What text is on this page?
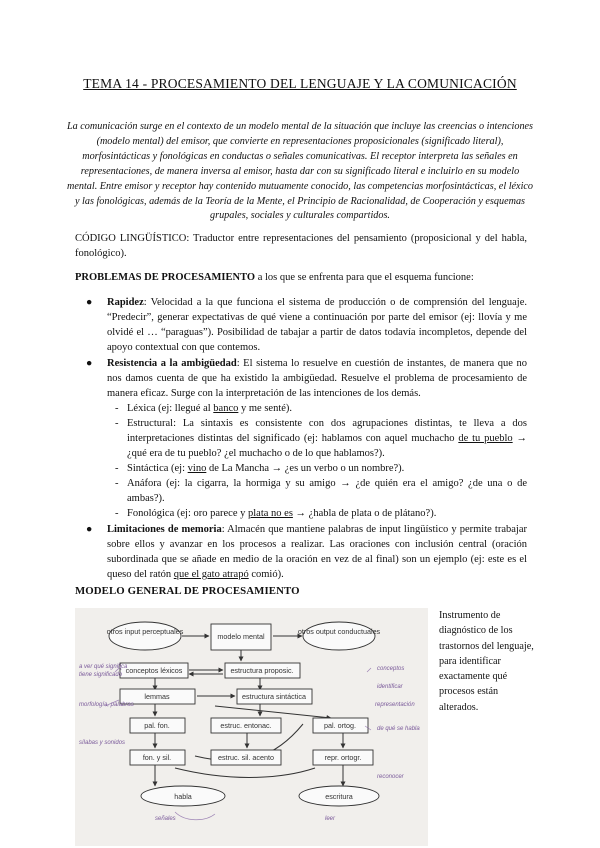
TEMA 14 - PROCESAMIENTO DEL LENGUAJE Y LA COMUNICACIÓN
La comunicación surge en el contexto de un modelo mental de la situación que incluye las creencias o intenciones (modelo mental) del emisor, que convierte en representaciones proposicionales (significado literal), morfosintácticas y fonológicas en conductas o señales comunicativas. El receptor interpreta las señales en representaciones, de manera inversa al emisor, hasta dar con su significado literal e incluirlo en su modelo mental. Entre emisor y receptor hay contenido mutuamente conocido, las competencias morfosintácticas, el léxico y las fonológicas, además de la Teoría de la Mente, el Principio de Racionalidad, de Cooperación y esquemas grupales, sociales y culturales compartidos.
CÓDIGO LINGÜÍSTICO: Traductor entre representaciones del pensamiento (proposicional y del habla, fonológico).
PROBLEMAS DE PROCESAMIENTO a los que se enfrenta para que el esquema funcione:
● Rapidez: Velocidad a la que funciona el sistema de producción o de comprensión del lenguaje. “Predecir”, generar expectativas de qué viene a continuación por parte del emisor (ej: llovía y me olvidé el … “paraguas”). Posibilidad de tabajar a partir de datos todavía incompletos, depende del apoyo contextual con que contemos.
● Resistencia a la ambigüedad: El sistema lo resuelve en cuestión de instantes, de manera que no nos damos cuenta de que ha existido la ambigüedad. Resuelve el problema de procesamiento de manera eficaz. Surge con la interpretación de las intenciones de los demás.
- Léxica (ej: llegué al banco y me senté).
- Estructural: La sintaxis es consistente con dos agrupaciones distintas, te lleva a dos interpretaciones distintas del significado (ej: hablamos con aquel muchacho de tu pueblo → ¿qué era de tu pueblo? ¿el muchacho o de lo que hablamos?).
- Sintáctica (ej: vino de La Mancha → ¿es un verbo o un nombre?).
- Anáfora (ej: la cigarra, la hormiga y su amigo → ¿de quién era el amigo? ¿de una o de ambas?).
- Fonológica (ej: oro parece y plata no es → ¿habla de plata o de plátano?).
● Limitaciones de memoria: Almacén que mantiene palabras de input lingüístico y permite trabajar sobre ellos y avanzar en los procesos a realizar. Las oraciones con inclusión central (oración subordinada que se añade en medio de la oración en vez de al final) son un ejemplo (ej: este es el queso del ratón que el gato atrapó comió).
MODELO GENERAL DE PROCESAMIENTO
otros input perceptuales	otros output conductuales
modelo mental
conceptos léxicos	estructura proposic.
lemmas	estructura sintáctica
pal. fon.	estruc. entonac.	pal. ortog.
fon. y sil.	estruc. sil. acento	repr. ortogr.
habla	escritura
a ver qué significa
tiene significado
morfología, palabras
sílabas y sonidos
conceptos
identificar
representación
de qué se habla
reconocer
señales	leer
Instrumento de diagnóstico de los trastornos del lenguaje, para identificar exactamente qué procesos están alterados.
